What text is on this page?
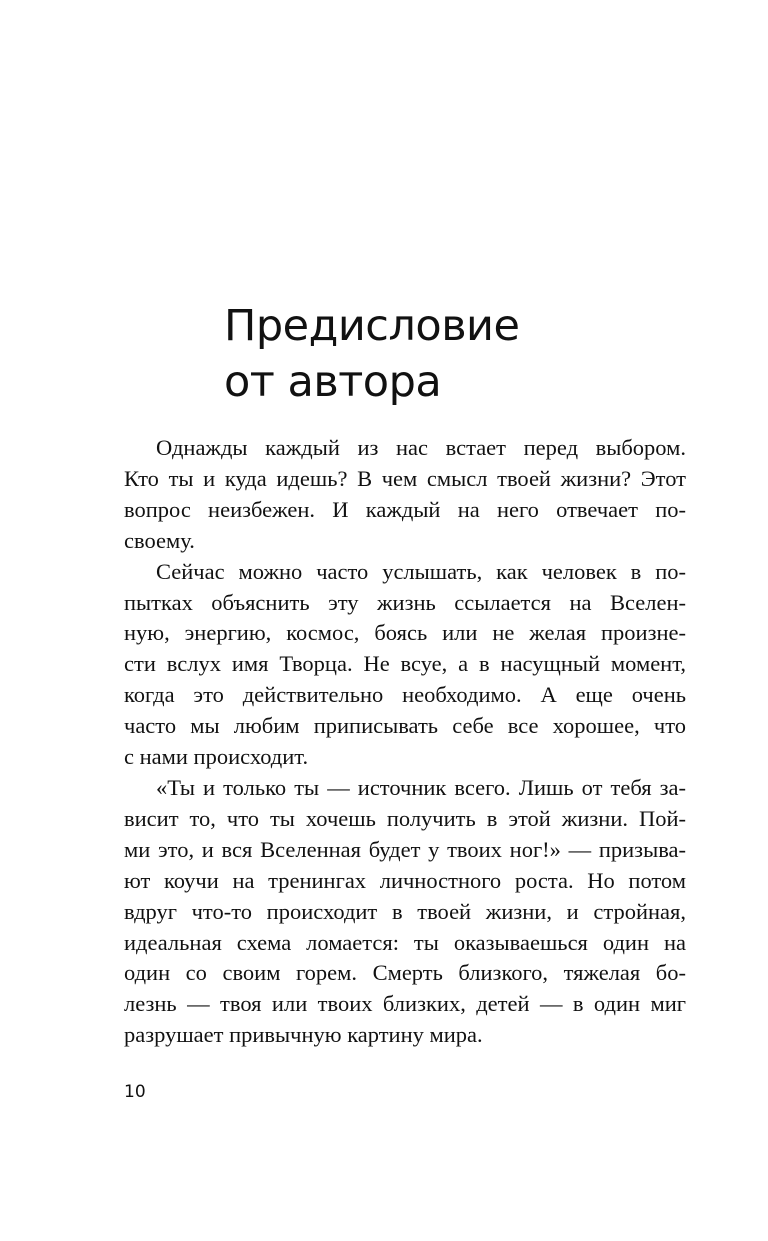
Предисловие
от автора

Однажды каждый из нас встает перед выбором.
Кто ты и куда идешь? В чем смысл твоей жизни? Этот
вопрос неизбежен. И каждый на него отвечает по-
своему.

Сейчас можно часто услышать, как человек в по-
пытках объяснить эту жизнь ссылается на Вселен-
ную, энергию, космос, боясь или не желая произне-
сти вслух имя Творца. Не всуе, а в насущный момент,
когда это действительно необходимо. А еще очень
часто мы любим приписывать себе все хорошее, что
с нами происходит.

«Ты и только ты — источник всего. Лишь от тебя за-
висит то, что ты хочешь получить в этой жизни. Пой-
ми это, и вся Вселенная будет у твоих ног!» — призыва-
ют коучи на тренингах личностного роста. Но потом
вдруг что-то происходит в твоей жизни, и стройная,
идеальная схема ломается: ты оказываешься один на
один со своим горем. Смерть близкого, тяжелая бо-
лезнь — твоя или твоих близких, детей — в один миг
разрушает привычную картину мира.

10
